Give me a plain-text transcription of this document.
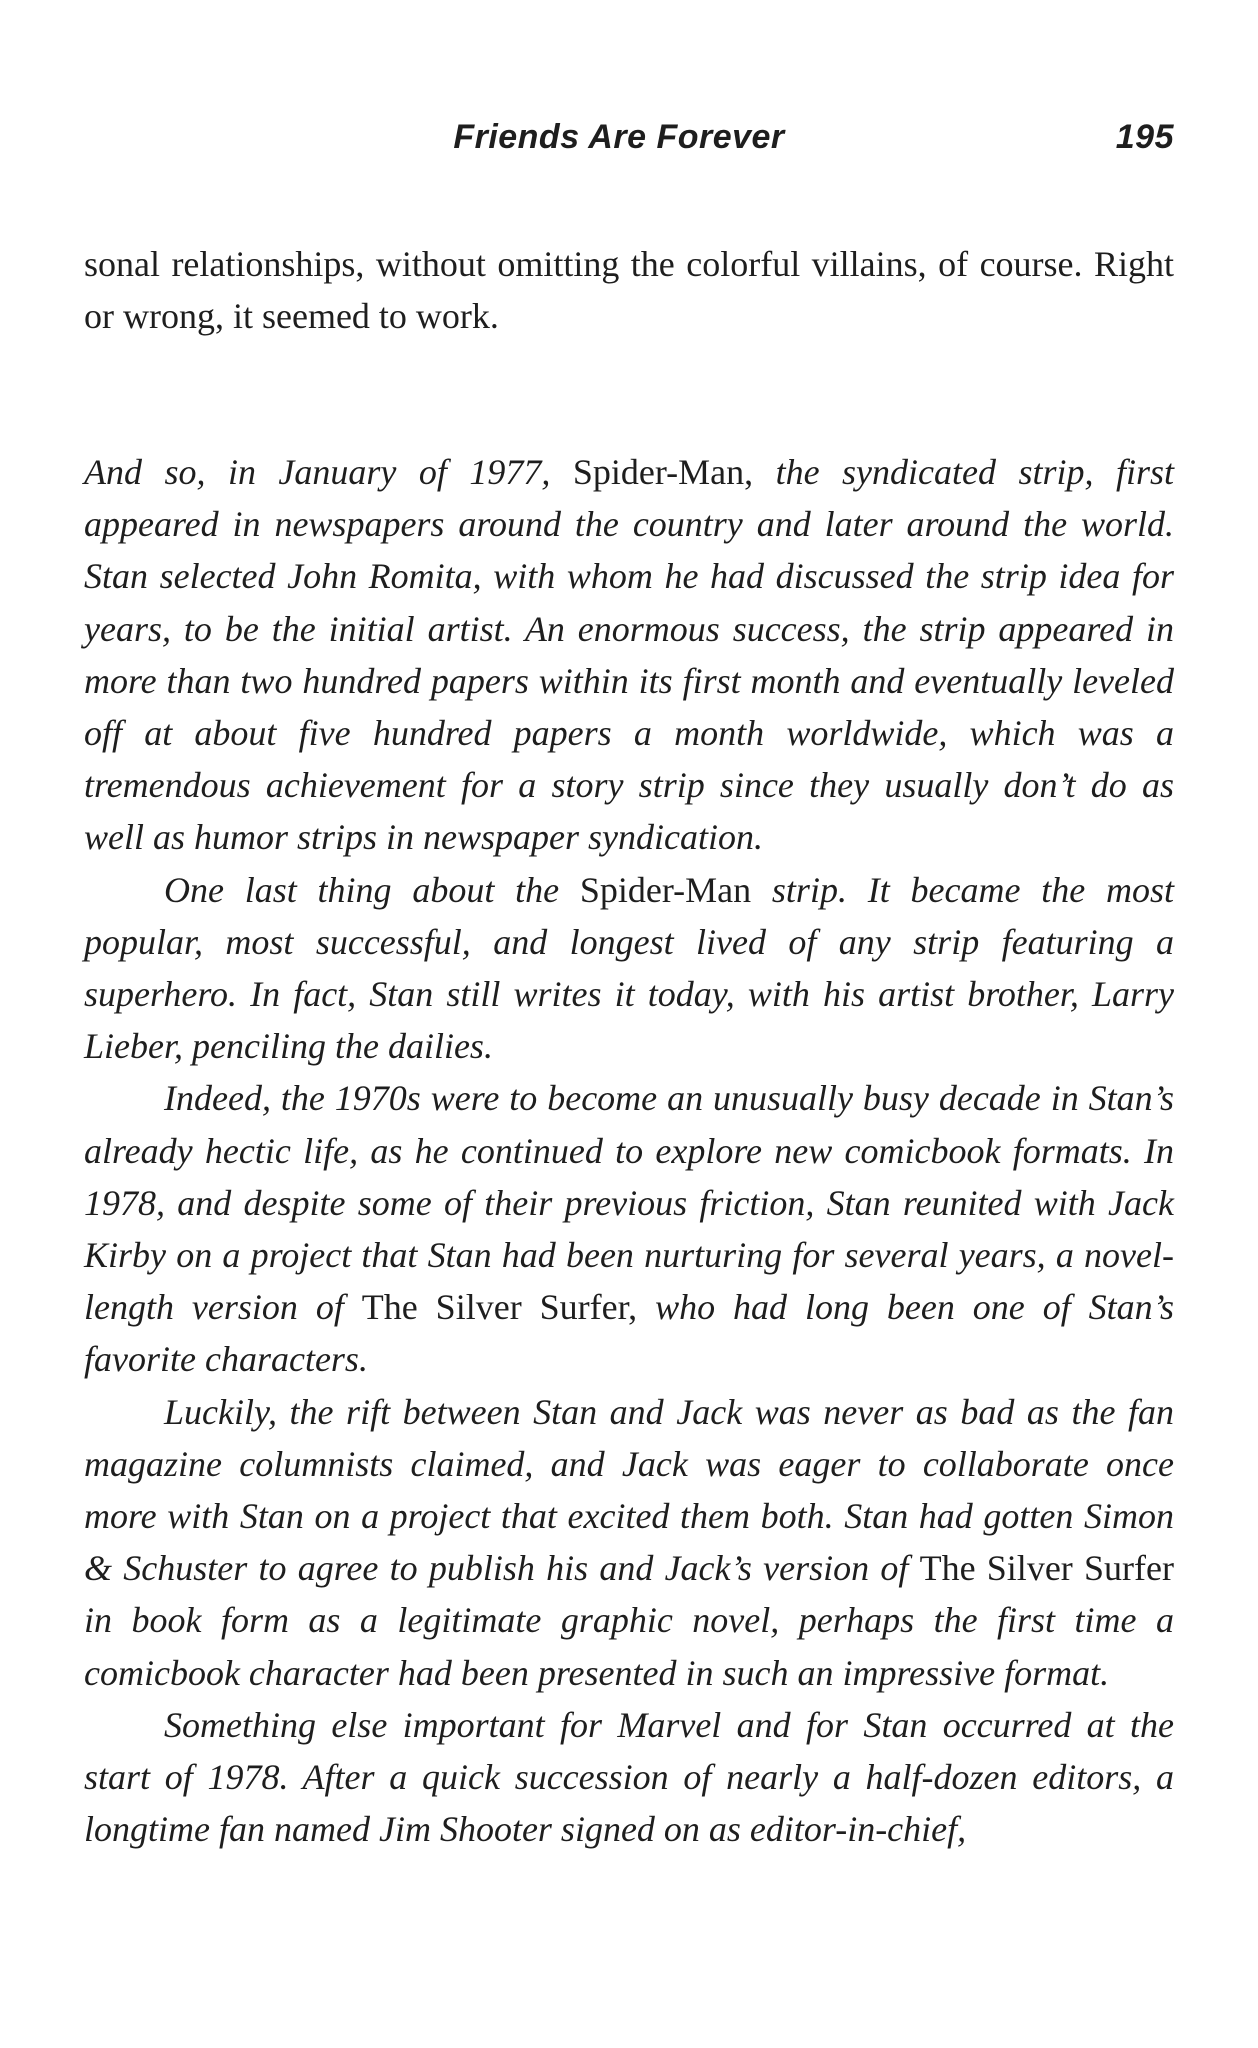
Friends Are Forever	195

sonal relationships, without omitting the colorful villains, of course. Right or wrong, it seemed to work.

And so, in January of 1977, Spider-Man, the syndicated strip, first appeared in newspapers around the country and later around the world. Stan selected John Romita, with whom he had discussed the strip idea for years, to be the initial artist. An enormous success, the strip appeared in more than two hundred papers within its first month and eventually leveled off at about five hundred papers a month worldwide, which was a tremendous achievement for a story strip since they usually don’t do as well as humor strips in newspaper syndication.

One last thing about the Spider-Man strip. It became the most popular, most successful, and longest lived of any strip featuring a superhero. In fact, Stan still writes it today, with his artist brother, Larry Lieber, penciling the dailies.

Indeed, the 1970s were to become an unusually busy decade in Stan’s already hectic life, as he continued to explore new comicbook formats. In 1978, and despite some of their previous friction, Stan reunited with Jack Kirby on a project that Stan had been nurturing for several years, a novel-length version of The Silver Surfer, who had long been one of Stan’s favorite characters.

Luckily, the rift between Stan and Jack was never as bad as the fan magazine columnists claimed, and Jack was eager to collaborate once more with Stan on a project that excited them both. Stan had gotten Simon & Schuster to agree to publish his and Jack’s version of The Silver Surfer in book form as a legitimate graphic novel, perhaps the first time a comicbook character had been presented in such an impressive format.

Something else important for Marvel and for Stan occurred at the start of 1978. After a quick succession of nearly a half-dozen editors, a longtime fan named Jim Shooter signed on as editor-in-chief,
